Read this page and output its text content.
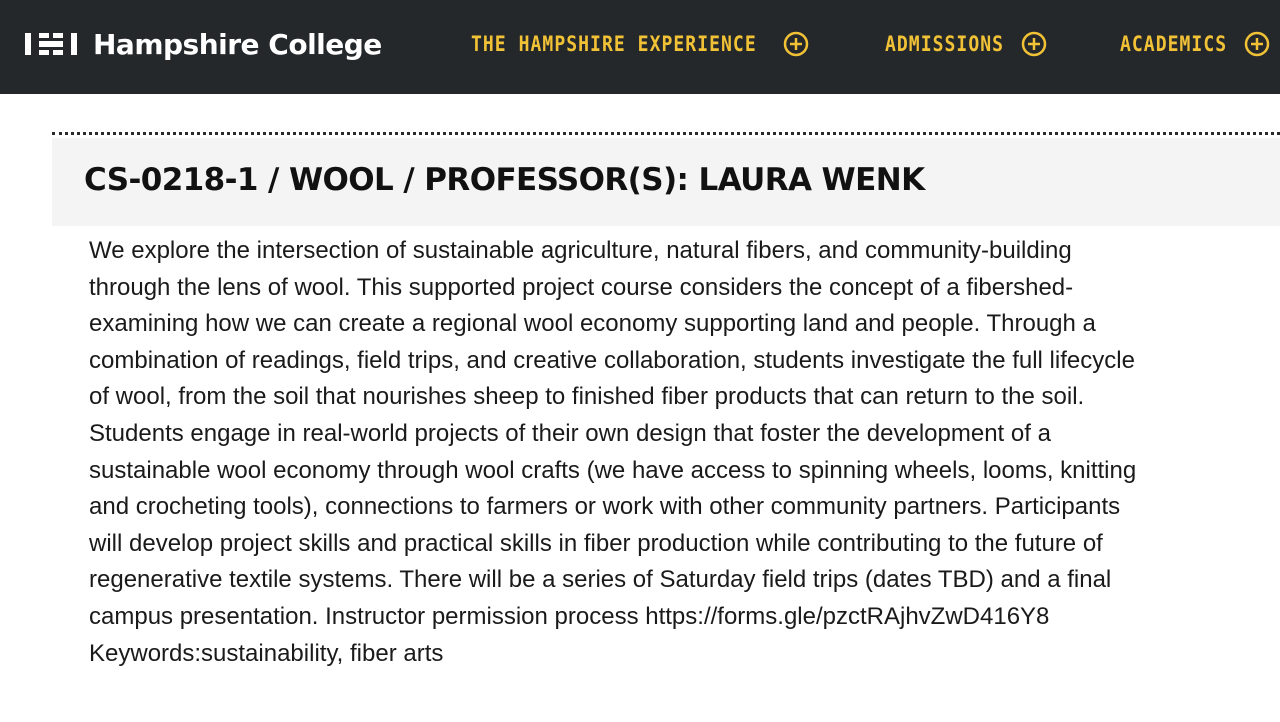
Hampshire College	THE HAMPSHIRE EXPERIENCE	ADMISSIONS	ACADEMICS
CS-0218-1 / WOOL / PROFESSOR(S): LAURA WENK
We explore the intersection of sustainable agriculture, natural fibers, and community-building through the lens of wool. This supported project course considers the concept of a fibershed-examining how we can create a regional wool economy supporting land and people. Through a combination of readings, field trips, and creative collaboration, students investigate the full lifecycle of wool, from the soil that nourishes sheep to finished fiber products that can return to the soil. Students engage in real-world projects of their own design that foster the development of a sustainable wool economy through wool crafts (we have access to spinning wheels, looms, knitting and crocheting tools), connections to farmers or work with other community partners. Participants will develop project skills and practical skills in fiber production while contributing to the future of regenerative textile systems. There will be a series of Saturday field trips (dates TBD) and a final campus presentation. Instructor permission process https://forms.gle/pzctRAjhvZwD416Y8
Keywords:sustainability, fiber arts
